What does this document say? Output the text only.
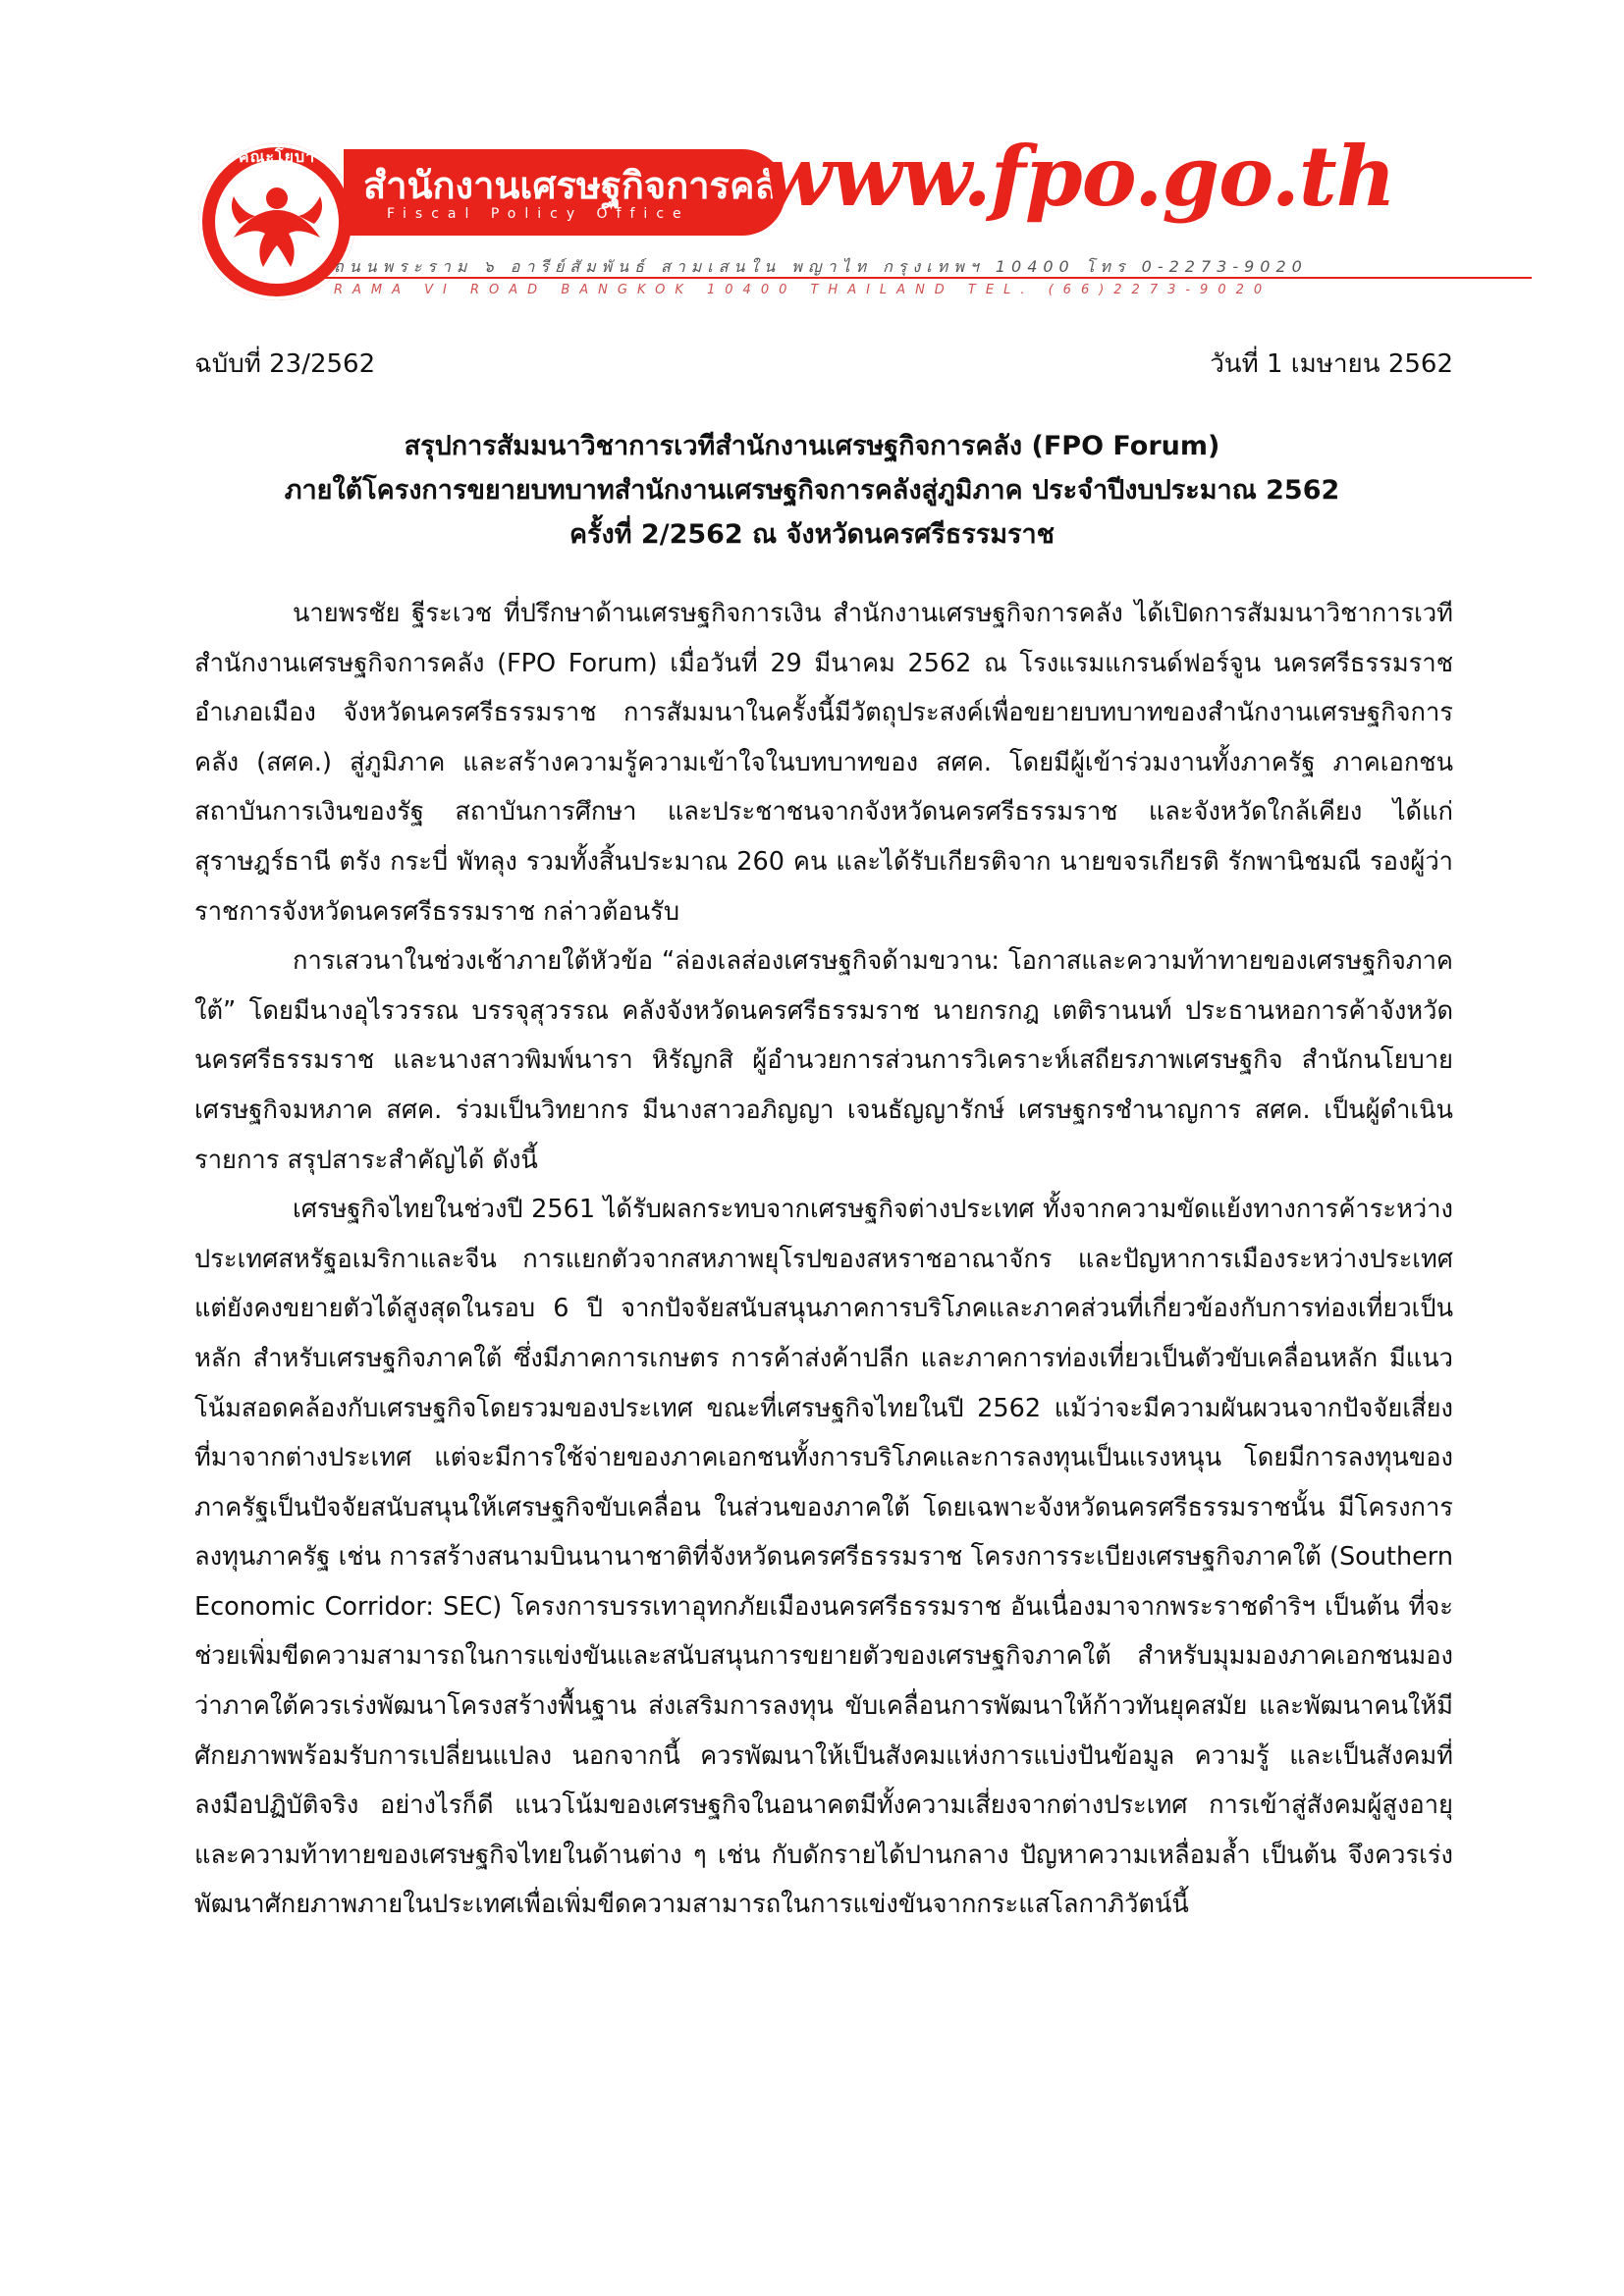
คณะโยบา
สำนักงานเศรษฐกิจการคลัง
Fiscal Policy Office www.fpo.go.th
ถนนพระราม ๖ อารีย์สัมพันธ์ สามเสนใน พญาไท กรุงเทพฯ 10400 โทร 0-2273-9020
RAMA VI ROAD BANGKOK 10400 THAILAND TEL. (66)2273-9020
ฉบับที่ 23/2562	วันที่ 1 เมษายน 2562
สรุปการสัมมนาวิชาการเวทีสำนักงานเศรษฐกิจการคลัง (FPO Forum)
ภายใต้โครงการขยายบทบาทสำนักงานเศรษฐกิจการคลังสู่ภูมิภาค ประจำปีงบประมาณ 2562
ครั้งที่ 2/2562 ณ จังหวัดนครศรีธรรมราช

นายพรชัย ฐีระเวช ที่ปรึกษาด้านเศรษฐกิจการเงิน สำนักงานเศรษฐกิจการคลัง ได้เปิดการสัมมนาวิชาการเวที สำนักงานเศรษฐกิจการคลัง (FPO Forum) เมื่อวันที่ 29 มีนาคม 2562 ณ โรงแรมแกรนด์ฟอร์จูน นครศรีธรรมราช อำเภอเมือง จังหวัดนครศรีธรรมราช การสัมมนาในครั้งนี้มีวัตถุประสงค์เพื่อขยายบทบาทของสำนักงานเศรษฐกิจการคลัง (สศค.) สู่ภูมิภาค และสร้างความรู้ความเข้าใจในบทบาทของ สศค. โดยมีผู้เข้าร่วมงานทั้งภาครัฐ ภาคเอกชน สถาบันการเงินของรัฐ สถาบันการศึกษา และประชาชนจากจังหวัดนครศรีธรรมราช และจังหวัดใกล้เคียง ได้แก่ สุราษฎร์ธานี ตรัง กระบี่ พัทลุง รวมทั้งสิ้นประมาณ 260 คน และได้รับเกียรติจาก นายขจรเกียรติ รักพานิชมณี รองผู้ว่าราชการจังหวัดนครศรีธรรมราช กล่าวต้อนรับ

การเสวนาในช่วงเช้าภายใต้หัวข้อ “ล่องเลส่องเศรษฐกิจด้ามขวาน: โอกาสและความท้าทายของเศรษฐกิจภาคใต้” โดยมีนางอุไรวรรณ บรรจุสุวรรณ คลังจังหวัดนครศรีธรรมราช นายกรกฎ เตติรานนท์ ประธานหอการค้าจังหวัดนครศรีธรรมราช และนางสาวพิมพ์นารา หิรัญกสิ ผู้อำนวยการส่วนการวิเคราะห์เสถียรภาพเศรษฐกิจ สำนักนโยบายเศรษฐกิจมหภาค สศค. ร่วมเป็นวิทยากร มีนางสาวอภิญญา เจนธัญญารักษ์ เศรษฐกรชำนาญการ สศค. เป็นผู้ดำเนินรายการ สรุปสาระสำคัญได้ ดังนี้

เศรษฐกิจไทยในช่วงปี 2561 ได้รับผลกระทบจากเศรษฐกิจต่างประเทศ ทั้งจากความขัดแย้งทางการค้าระหว่างประเทศสหรัฐอเมริกาและจีน การแยกตัวจากสหภาพยุโรปของสหราชอาณาจักร และปัญหาการเมืองระหว่างประเทศ แต่ยังคงขยายตัวได้สูงสุดในรอบ 6 ปี จากปัจจัยสนับสนุนภาคการบริโภคและภาคส่วนที่เกี่ยวข้องกับการท่องเที่ยวเป็นหลัก สำหรับเศรษฐกิจภาคใต้ ซึ่งมีภาคการเกษตร การค้าส่งค้าปลีก และภาคการท่องเที่ยวเป็นตัวขับเคลื่อนหลัก มีแนวโน้มสอดคล้องกับเศรษฐกิจโดยรวมของประเทศ ขณะที่เศรษฐกิจไทยในปี 2562 แม้ว่าจะมีความผันผวนจากปัจจัยเสี่ยงที่มาจากต่างประเทศ แต่จะมีการใช้จ่ายของภาคเอกชนทั้งการบริโภคและการลงทุนเป็นแรงหนุน โดยมีการลงทุนของภาครัฐเป็นปัจจัยสนับสนุนให้เศรษฐกิจขับเคลื่อน ในส่วนของภาคใต้ โดยเฉพาะจังหวัดนครศรีธรรมราชนั้น มีโครงการลงทุนภาครัฐ เช่น การสร้างสนามบินนานาชาติที่จังหวัดนครศรีธรรมราช โครงการระเบียงเศรษฐกิจภาคใต้ (Southern Economic Corridor: SEC) โครงการบรรเทาอุทกภัยเมืองนครศรีธรรมราช อันเนื่องมาจากพระราชดำริฯ เป็นต้น ที่จะช่วยเพิ่มขีดความสามารถในการแข่งขันและสนับสนุนการขยายตัวของเศรษฐกิจภาคใต้ สำหรับมุมมองภาคเอกชนมองว่าภาคใต้ควรเร่งพัฒนาโครงสร้างพื้นฐาน ส่งเสริมการลงทุน ขับเคลื่อนการพัฒนาให้ก้าวทันยุคสมัย และพัฒนาคนให้มีศักยภาพพร้อมรับการเปลี่ยนแปลง นอกจากนี้ ควรพัฒนาให้เป็นสังคมแห่งการแบ่งปันข้อมูล ความรู้ และเป็นสังคมที่ลงมือปฏิบัติจริง อย่างไรก็ดี แนวโน้มของเศรษฐกิจในอนาคตมีทั้งความเสี่ยงจากต่างประเทศ การเข้าสู่สังคมผู้สูงอายุ และความท้าทายของเศรษฐกิจไทยในด้านต่าง ๆ เช่น กับดักรายได้ปานกลาง ปัญหาความเหลื่อมล้ำ เป็นต้น จึงควรเร่งพัฒนาศักยภาพภายในประเทศเพื่อเพิ่มขีดความสามารถในการแข่งขันจากกระแสโลกาภิวัตน์นี้
